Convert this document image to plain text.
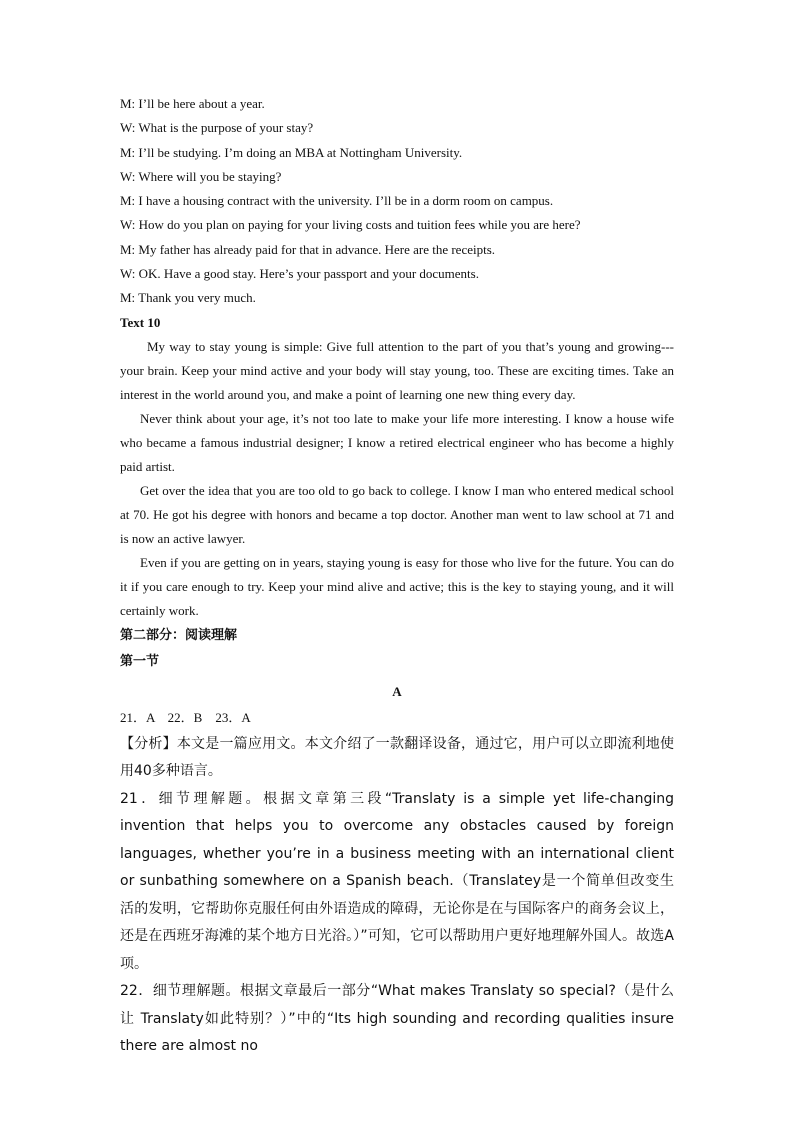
M: I’ll be here about a year.
W: What is the purpose of your stay?
M: I’ll be studying. I’m doing an MBA at Nottingham University.
W: Where will you be staying?
M: I have a housing contract with the university. I’ll be in a dorm room on campus.
W: How do you plan on paying for your living costs and tuition fees while you are here?
M: My father has already paid for that in advance. Here are the receipts.
W: OK. Have a good stay. Here’s your passport and your documents.
M: Thank you very much.
Text 10
My way to stay young is simple: Give full attention to the part of you that’s young and growing---your brain. Keep your mind active and your body will stay young, too. These are exciting times. Take an interest in the world around you, and make a point of learning one new thing every day.
Never think about your age, it’s not too late to make your life more interesting. I know a house wife who became a famous industrial designer; I know a retired electrical engineer who has become a highly paid artist.
Get over the idea that you are too old to go back to college. I know I man who entered medical school at 70. He got his degree with honors and became a top doctor. Another man went to law school at 71 and is now an active lawyer.
Even if you are getting on in years, staying young is easy for those who live for the future. You can do it if you care enough to try. Keep your mind alive and active; this is the key to staying young, and it will certainly work.
第二部分：阅读理解
第一节
A
21．A　22．B　23．A
【分析】本文是一篇应用文。本文介绍了一款翻译设备，通过它，用户可以立即流利地使用40多种语言。
21．细节理解题。根据文章第三段“Translaty is a simple yet life-changing invention that helps you to overcome any obstacles caused by foreign languages, whether you’re in a business meeting with an international client or sunbathing somewhere on a Spanish beach.（Translatey是一个简单但改变生活的发明，它帮助你克服任何由外语造成的障碍，无论你是在与国际客户的商务会议上，还是在西班牙海滩的某个地方日光浴。）”可知，它可以帮助用户更好地理解外国人。故选A项。
22．细节理解题。根据文章最后一部分“What makes Translaty so special?（是什么让 Translaty如此特别？）”中的“Its high sounding and recording qualities insure there are almost no
